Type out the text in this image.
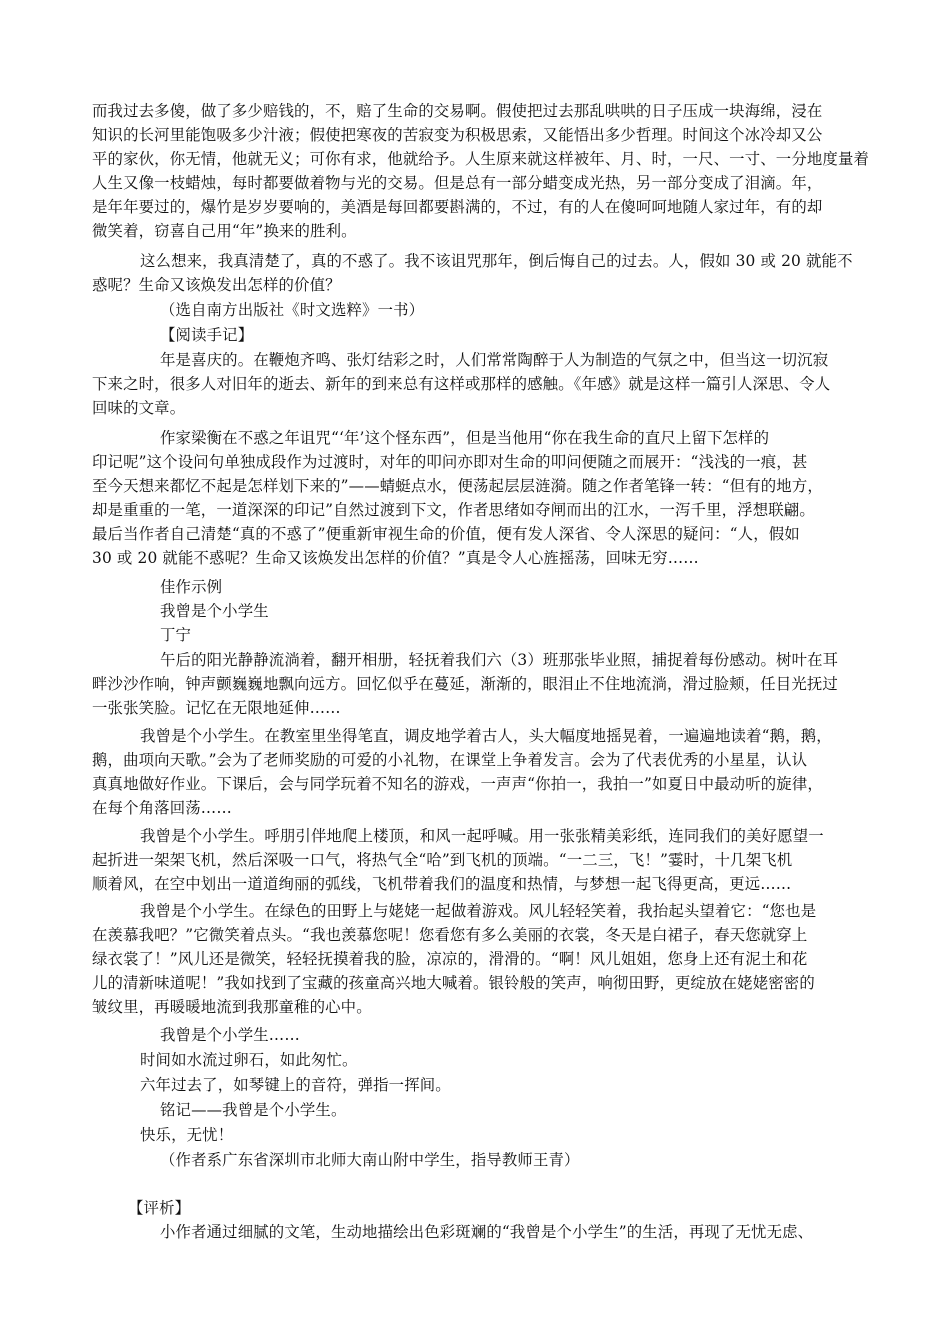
而我过去多傻，做了多少赔钱的，不，赔了生命的交易啊。假使把过去那乱哄哄的日子压成一块海绵，浸在
知识的长河里能饱吸多少汁液；假使把寒夜的苦寂变为积极思索，又能悟出多少哲理。时间这个冰冷却又公
平的家伙，你无情，他就无义；可你有求，他就给予。人生原来就这样被年、月、时，一尺、一寸、一分地度量着
人生又像一枝蜡烛，每时都要做着物与光的交易。但是总有一部分蜡变成光热，另一部分变成了泪滴。年，
是年年要过的，爆竹是岁岁要响的，美酒是每回都要斟满的，不过，有的人在傻呵呵地随人家过年，有的却
微笑着，窃喜自己用“年”换来的胜利。
这么想来，我真清楚了，真的不惑了。我不该诅咒那年，倒后悔自己的过去。人，假如 30 或 20 就能不
惑呢？生命又该焕发出怎样的价值？
（选自南方出版社《时文选粹》一书）
【阅读手记】
年是喜庆的。在鞭炮齐鸣、张灯结彩之时，人们常常陶醉于人为制造的气氛之中，但当这一切沉寂
下来之时，很多人对旧年的逝去、新年的到来总有这样或那样的感触。《年感》就是这样一篇引人深思、令人
回味的文章。
作家梁衡在不惑之年诅咒“‘年’这个怪东西”，但是当他用“你在我生命的直尺上留下怎样的
印记呢”这个设问句单独成段作为过渡时，对年的叩问亦即对生命的叩问便随之而展开：“浅浅的一痕，甚
至今天想来都忆不起是怎样划下来的”——蜻蜓点水，便荡起层层涟漪。随之作者笔锋一转：“但有的地方，
却是重重的一笔，一道深深的印记”自然过渡到下文，作者思绪如夺闸而出的江水，一泻千里，浮想联翩。
最后当作者自己清楚“真的不惑了”便重新审视生命的价值，便有发人深省、令人深思的疑问：“人，假如
30 或 20 就能不惑呢？生命又该焕发出怎样的价值？”真是令人心旌摇荡，回味无穷……
佳作示例
我曾是个小学生
丁宁
午后的阳光静静流淌着，翻开相册，轻抚着我们六（3）班那张毕业照，捕捉着每份感动。树叶在耳
畔沙沙作响，钟声颤巍巍地飘向远方。回忆似乎在蔓延，渐渐的，眼泪止不住地流淌，滑过脸颊，任目光抚过
一张张笑脸。记忆在无限地延伸……
我曾是个小学生。在教室里坐得笔直，调皮地学着古人，头大幅度地摇晃着，一遍遍地读着“鹅，鹅，
鹅，曲项向天歌。”会为了老师奖励的可爱的小礼物，在课堂上争着发言。会为了代表优秀的小星星，认认
真真地做好作业。下课后，会与同学玩着不知名的游戏，一声声“你拍一，我拍一”如夏日中最动听的旋律，
在每个角落回荡……
我曾是个小学生。呼朋引伴地爬上楼顶，和风一起呼喊。用一张张精美彩纸，连同我们的美好愿望一
起折进一架架飞机，然后深吸一口气，将热气全“哈”到飞机的顶端。“一二三，飞！”霎时，十几架飞机
顺着风，在空中划出一道道绚丽的弧线，飞机带着我们的温度和热情，与梦想一起飞得更高，更远……
我曾是个小学生。在绿色的田野上与姥姥一起做着游戏。风儿轻轻笑着，我抬起头望着它：“您也是
在羡慕我吧？”它微笑着点头。“我也羡慕您呢！您看您有多么美丽的衣裳，冬天是白裙子，春天您就穿上
绿衣裳了！”风儿还是微笑，轻轻抚摸着我的脸，凉凉的，滑滑的。“啊！风儿姐姐，您身上还有泥土和花
儿的清新味道呢！”我如找到了宝藏的孩童高兴地大喊着。银铃般的笑声，响彻田野，更绽放在姥姥密密的
皱纹里，再暖暖地流到我那童稚的心中。
我曾是个小学生……
时间如水流过卵石，如此匆忙。
六年过去了，如琴键上的音符，弹指一挥间。
铭记——我曾是个小学生。
快乐，无忧！
（作者系广东省深圳市北师大南山附中学生，指导教师王青）
【评析】
小作者通过细腻的文笔，生动地描绘出色彩斑斓的“我曾是个小学生”的生活，再现了无忧无虑、
